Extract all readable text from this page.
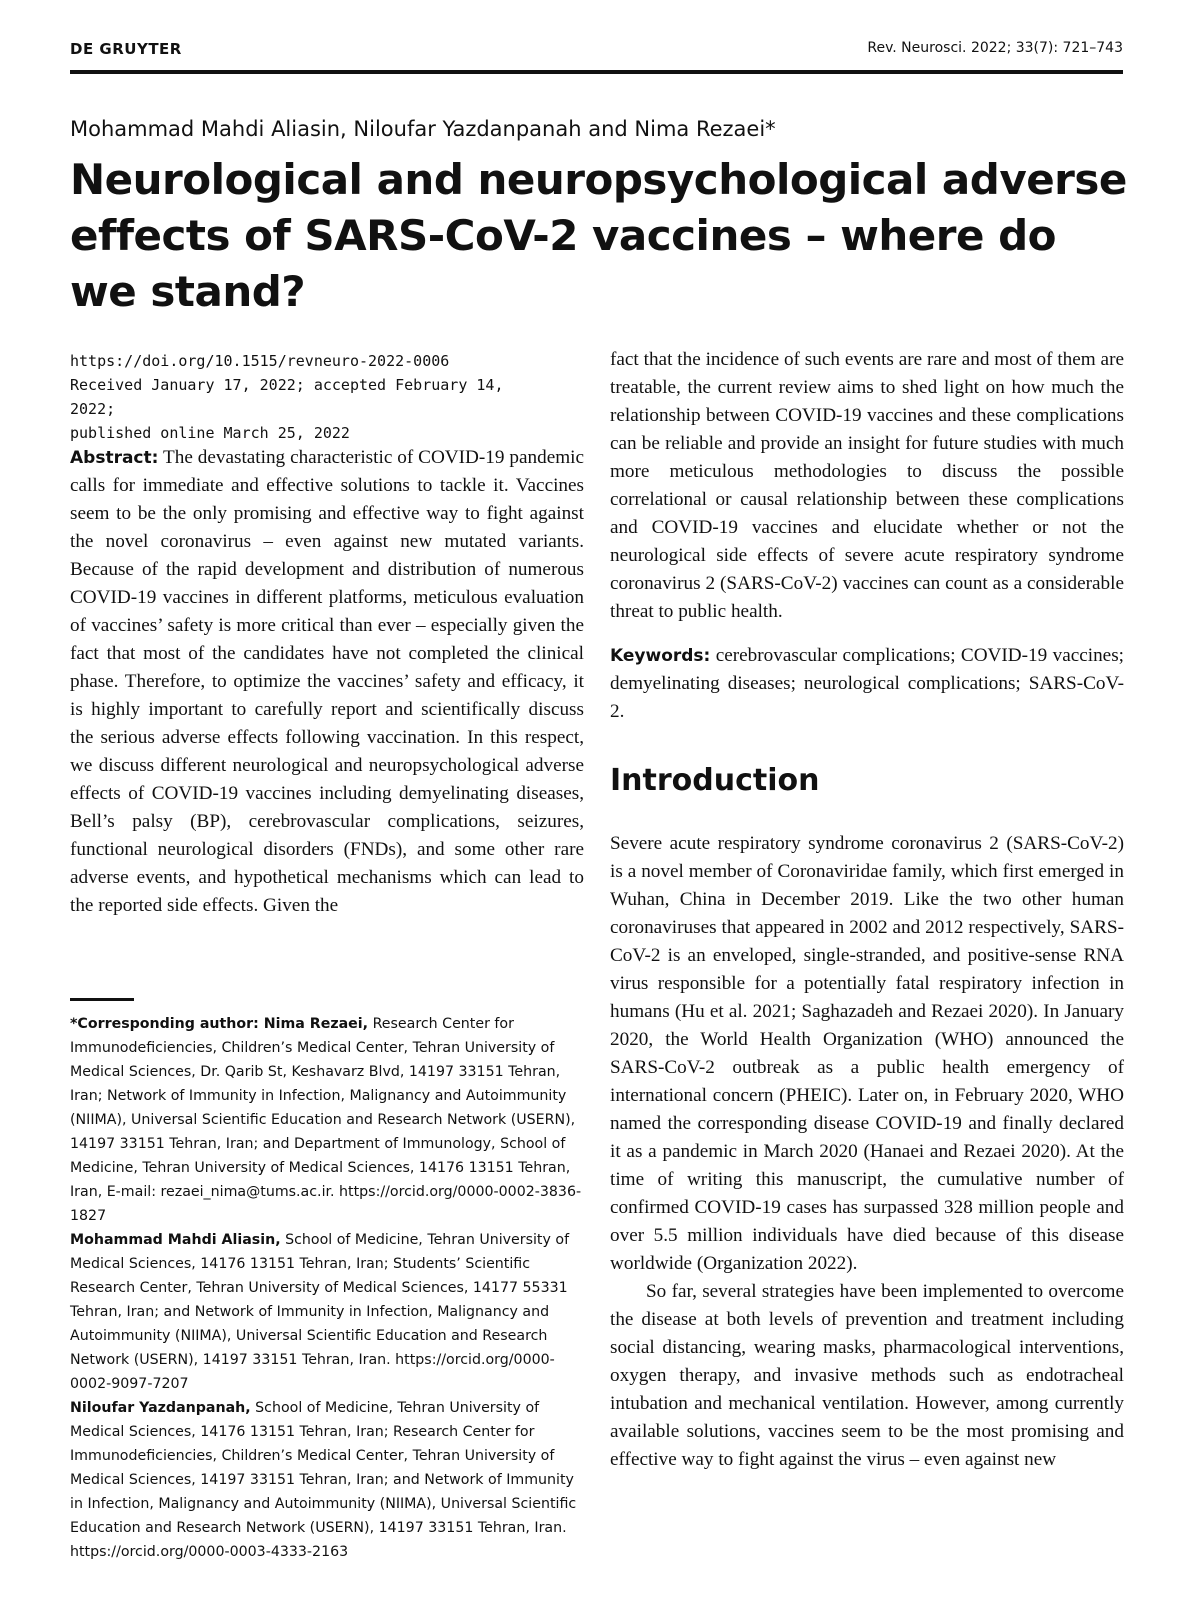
DE GRUYTER	Rev. Neurosci. 2022; 33(7): 721–743
Mohammad Mahdi Aliasin, Niloufar Yazdanpanah and Nima Rezaei*
Neurological and neuropsychological adverse effects of SARS-CoV-2 vaccines – where do we stand?
https://doi.org/10.1515/revneuro-2022-0006
Received January 17, 2022; accepted February 14, 2022;
published online March 25, 2022

Abstract: The devastating characteristic of COVID-19 pandemic calls for immediate and effective solutions to tackle it. Vaccines seem to be the only promising and effective way to fight against the novel coronavirus – even against new mutated variants. Because of the rapid development and distribution of numerous COVID-19 vaccines in different platforms, meticulous evaluation of vaccines’ safety is more critical than ever – especially given the fact that most of the candidates have not completed the clinical phase. Therefore, to optimize the vaccines’ safety and efficacy, it is highly important to carefully report and scientifically discuss the serious adverse effects following vaccination. In this respect, we discuss different neurological and neuropsychological adverse effects of COVID-19 vaccines including demyelinating diseases, Bell’s palsy (BP), cerebrovascular complications, seizures, functional neurological disorders (FNDs), and some other rare adverse events, and hypothetical mechanisms which can lead to the reported side effects. Given the

*Corresponding author: Nima Rezaei, Research Center for Immunodeficiencies, Children’s Medical Center, Tehran University of Medical Sciences, Dr. Qarib St, Keshavarz Blvd, 14197 33151 Tehran, Iran; Network of Immunity in Infection, Malignancy and Autoimmunity (NIIMA), Universal Scientific Education and Research Network (USERN), 14197 33151 Tehran, Iran; and Department of Immunology, School of Medicine, Tehran University of Medical Sciences, 14176 13151 Tehran, Iran, E-mail: rezaei_nima@tums.ac.ir. https://orcid.org/0000-0002-3836-1827

Mohammad Mahdi Aliasin, School of Medicine, Tehran University of Medical Sciences, 14176 13151 Tehran, Iran; Students’ Scientific Research Center, Tehran University of Medical Sciences, 14177 55331 Tehran, Iran; and Network of Immunity in Infection, Malignancy and Autoimmunity (NIIMA), Universal Scientific Education and Research Network (USERN), 14197 33151 Tehran, Iran. https://orcid.org/0000-0002-9097-7207

Niloufar Yazdanpanah, School of Medicine, Tehran University of Medical Sciences, 14176 13151 Tehran, Iran; Research Center for Immunodeficiencies, Children’s Medical Center, Tehran University of Medical Sciences, 14197 33151 Tehran, Iran; and Network of Immunity in Infection, Malignancy and Autoimmunity (NIIMA), Universal Scientific Education and Research Network (USERN), 14197 33151 Tehran, Iran. https://orcid.org/0000-0003-4333-2163

fact that the incidence of such events are rare and most of them are treatable, the current review aims to shed light on how much the relationship between COVID-19 vaccines and these complications can be reliable and provide an insight for future studies with much more meticulous methodologies to discuss the possible correlational or causal relationship between these complications and COVID-19 vaccines and elucidate whether or not the neurological side effects of severe acute respiratory syndrome coronavirus 2 (SARS-CoV-2) vaccines can count as a considerable threat to public health.

Keywords: cerebrovascular complications; COVID-19 vaccines; demyelinating diseases; neurological complications; SARS-CoV-2.

Introduction

Severe acute respiratory syndrome coronavirus 2 (SARS-CoV-2) is a novel member of Coronaviridae family, which first emerged in Wuhan, China in December 2019. Like the two other human coronaviruses that appeared in 2002 and 2012 respectively, SARS-CoV-2 is an enveloped, single-stranded, and positive-sense RNA virus responsible for a potentially fatal respiratory infection in humans (Hu et al. 2021; Saghazadeh and Rezaei 2020). In January 2020, the World Health Organization (WHO) announced the SARS-CoV-2 outbreak as a public health emergency of international concern (PHEIC). Later on, in February 2020, WHO named the corresponding disease COVID-19 and finally declared it as a pandemic in March 2020 (Hanaei and Rezaei 2020). At the time of writing this manuscript, the cumulative number of confirmed COVID-19 cases has surpassed 328 million people and over 5.5 million individuals have died because of this disease worldwide (Organization 2022).

So far, several strategies have been implemented to overcome the disease at both levels of prevention and treatment including social distancing, wearing masks, pharmacological interventions, oxygen therapy, and invasive methods such as endotracheal intubation and mechanical ventilation. However, among currently available solutions, vaccines seem to be the most promising and effective way to fight against the virus – even against new
